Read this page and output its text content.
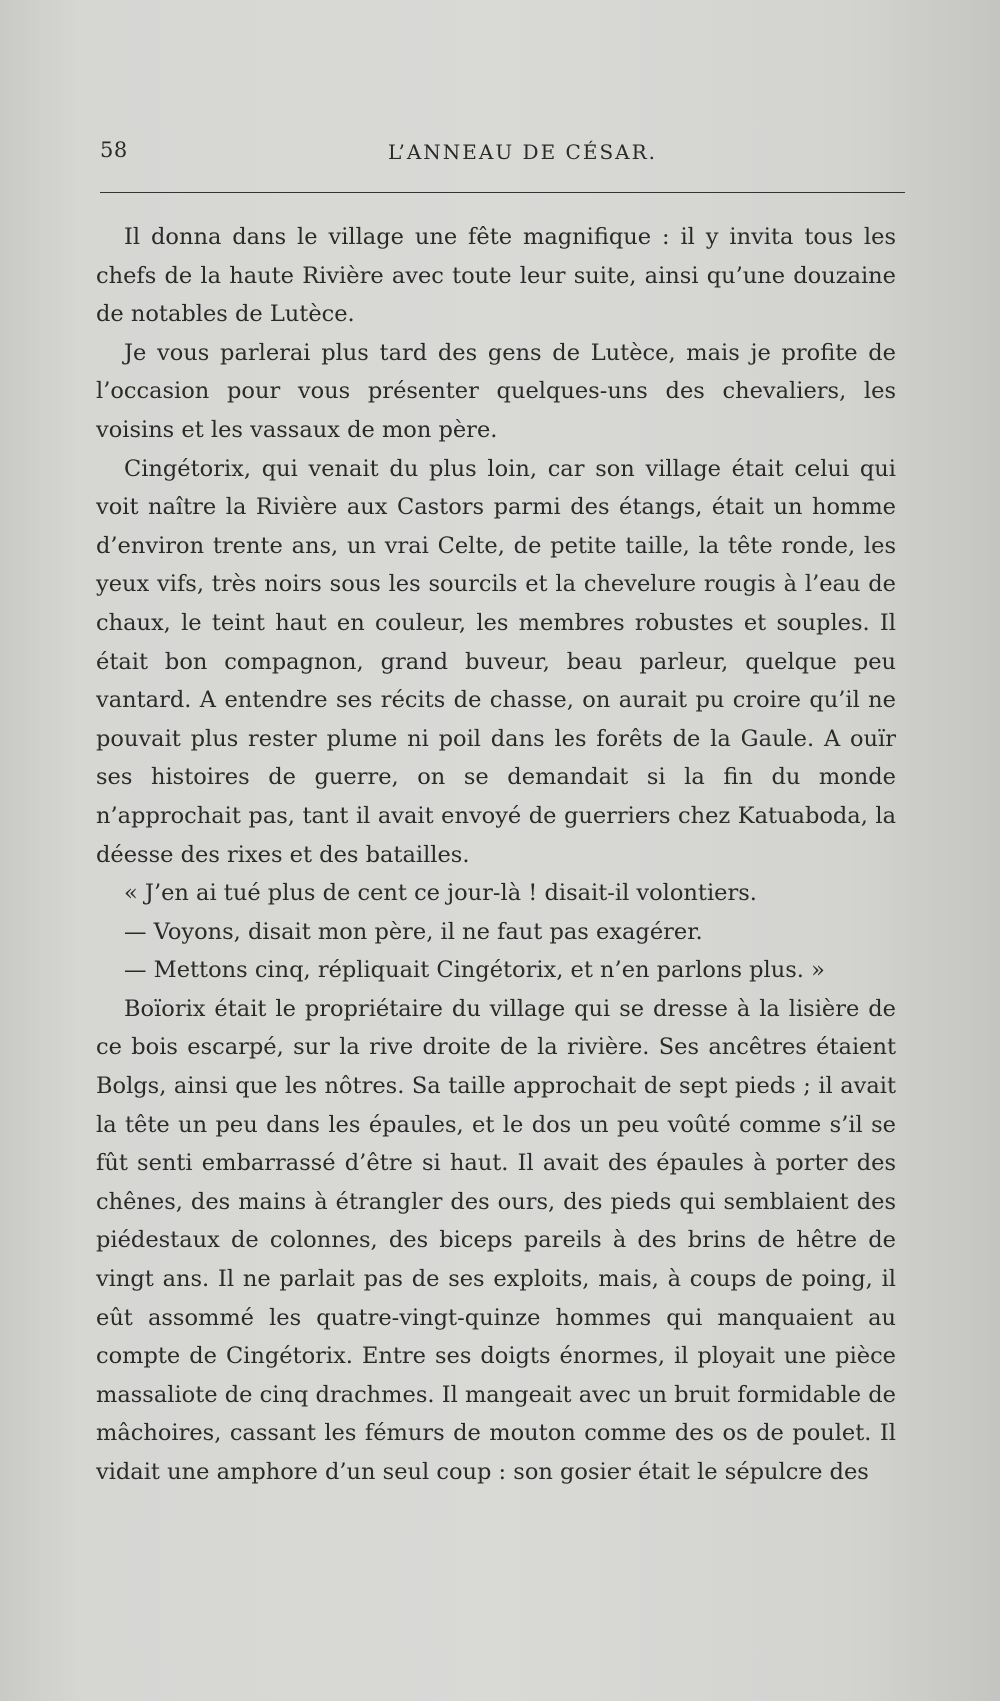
58	L’ANNEAU DE CÉSAR.

Il donna dans le village une fête magnifique : il y invita tous les chefs de la haute Rivière avec toute leur suite, ainsi qu’une douzaine de notables de Lutèce.

Je vous parlerai plus tard des gens de Lutèce, mais je profite de l’occasion pour vous présenter quelques-uns des chevaliers, les voisins et les vassaux de mon père.

Cingétorix, qui venait du plus loin, car son village était celui qui voit naître la Rivière aux Castors parmi des étangs, était un homme d’environ trente ans, un vrai Celte, de petite taille, la tête ronde, les yeux vifs, très noirs sous les sourcils et la chevelure rougis à l’eau de chaux, le teint haut en couleur, les membres robustes et souples. Il était bon compagnon, grand buveur, beau parleur, quelque peu vantard. A entendre ses récits de chasse, on aurait pu croire qu’il ne pouvait plus rester plume ni poil dans les forêts de la Gaule. A ouïr ses histoires de guerre, on se demandait si la fin du monde n’approchait pas, tant il avait envoyé de guerriers chez Katuaboda, la déesse des rixes et des batailles.

« J’en ai tué plus de cent ce jour-là ! disait-il volontiers.

— Voyons, disait mon père, il ne faut pas exagérer.

— Mettons cinq, répliquait Cingétorix, et n’en parlons plus. »

Boïorix était le propriétaire du village qui se dresse à la lisière de ce bois escarpé, sur la rive droite de la rivière. Ses ancêtres étaient Bolgs, ainsi que les nôtres. Sa taille approchait de sept pieds ; il avait la tête un peu dans les épaules, et le dos un peu voûté comme s’il se fût senti embarrassé d’être si haut. Il avait des épaules à porter des chênes, des mains à étrangler des ours, des pieds qui semblaient des piédestaux de colonnes, des biceps pareils à des brins de hêtre de vingt ans. Il ne parlait pas de ses exploits, mais, à coups de poing, il eût assommé les quatre-vingt-quinze hommes qui manquaient au compte de Cingétorix. Entre ses doigts énormes, il ployait une pièce massaliote de cinq drachmes. Il mangeait avec un bruit formidable de mâchoires, cassant les fémurs de mouton comme des os de poulet. Il vidait une amphore d’un seul coup : son gosier était le sépulcre des
